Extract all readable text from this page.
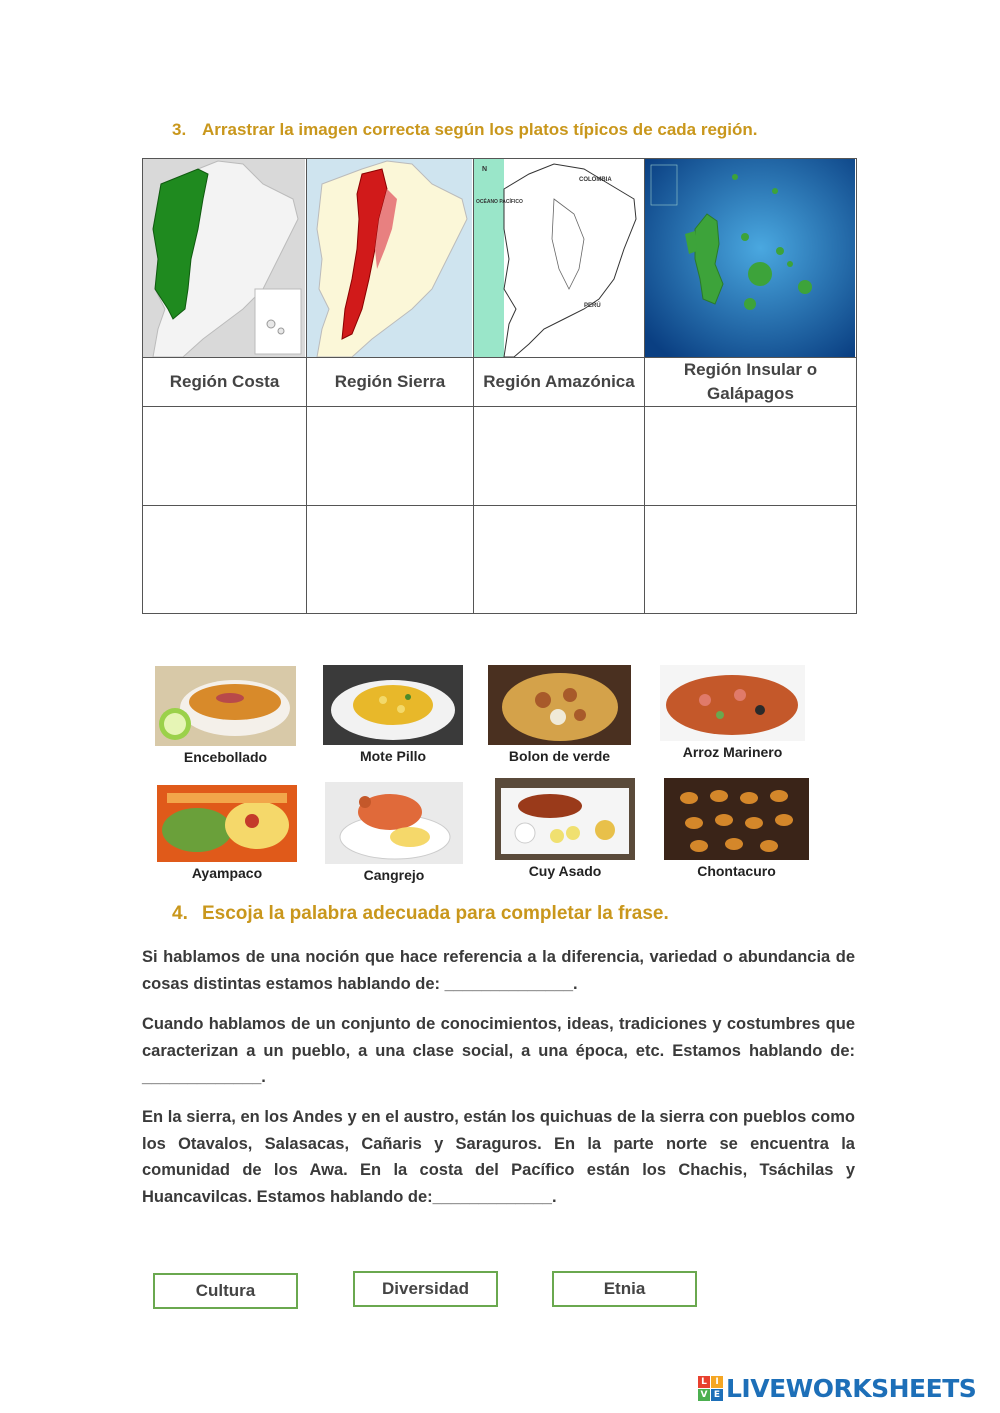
3. Arrastrar la imagen correcta según los platos típicos de cada región.

COLOMBIA
PERÚ
OCÉANO PACÍFICO
N

Región Costa	Región Sierra	Región Amazónica	Región Insular o Galápagos

Encebollado	Mote Pillo	Bolon de verde	Arroz Marinero
Ayampaco	Cangrejo	Cuy Asado	Chontacuro
4. Escoja la palabra adecuada para completar la frase.
Si hablamos de una noción que hace referencia a la diferencia, variedad o abundancia de cosas distintas estamos hablando de: ______________.
Cuando hablamos de un conjunto de conocimientos, ideas, tradiciones y costumbres que caracterizan a un pueblo, a una clase social, a una época, etc. Estamos hablando de: _____________.
En la sierra, en los Andes y en el austro, están los quichuas de la sierra con pueblos como los Otavalos, Salasacas, Cañaris y Saraguros. En la parte norte se encuentra la comunidad de los Awa. En la costa del Pacífico están los Chachis, Tsáchilas y Huancavilcas. Estamos hablando de:_____________.
Cultura	Diversidad	Etnia
L I
V E LIVEWORKSHEETS
